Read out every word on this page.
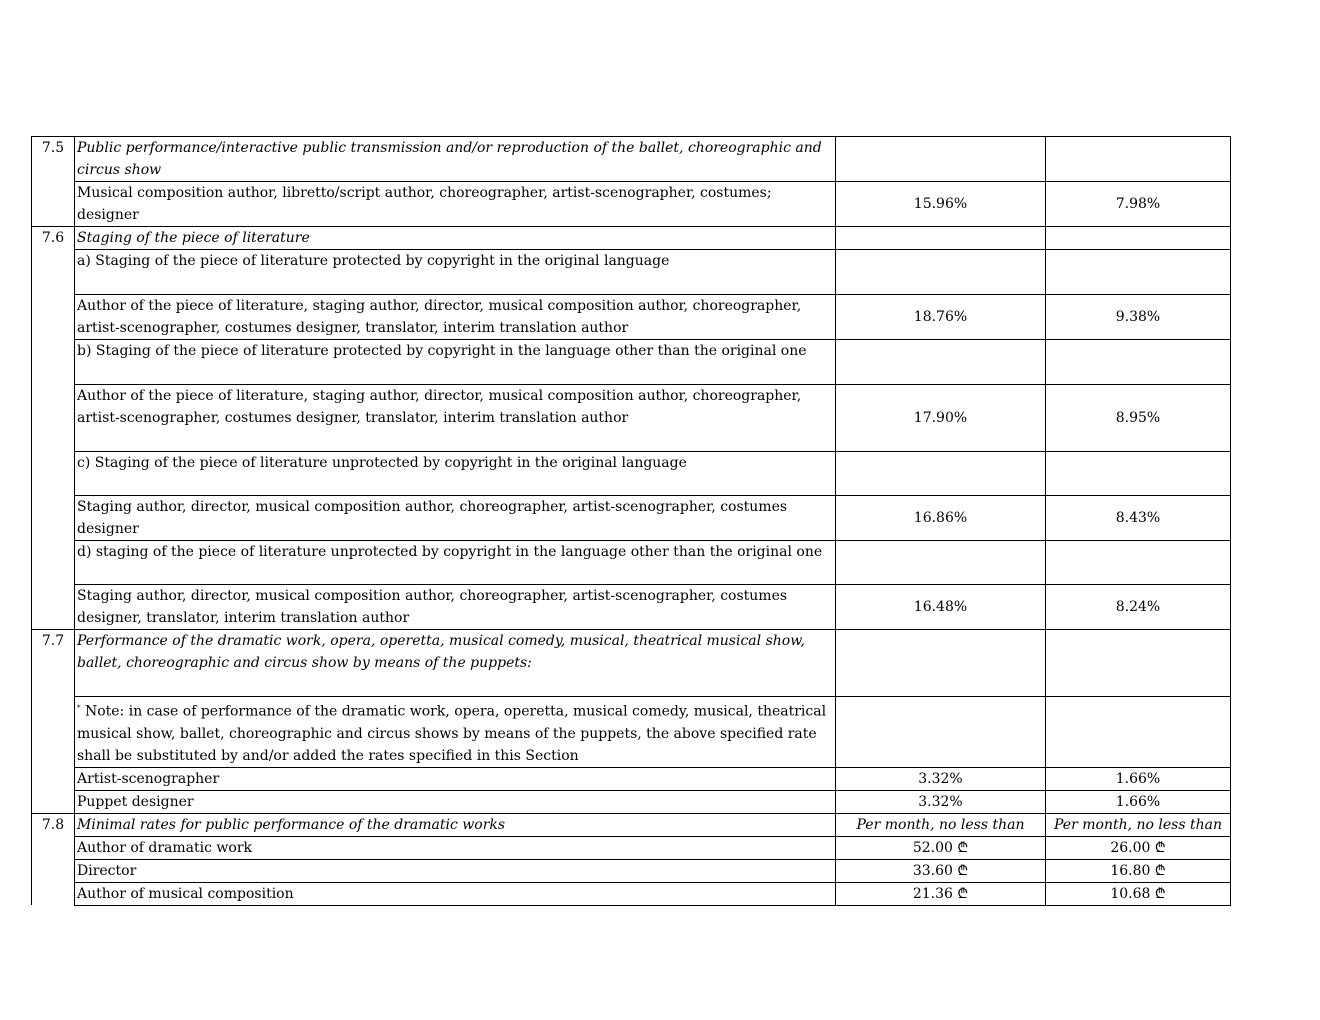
7.5	Public performance/interactive public transmission and/or reproduction of the ballet, choreographic and circus show		
	Musical composition author, libretto/script author, choreographer, artist-scenographer, costumes; designer	15.96%	7.98%
7.6	Staging of the piece of literature		
	a) Staging of the piece of literature protected by copyright in the original language		
	Author of the piece of literature, staging author, director, musical composition author, choreographer, artist-scenographer, costumes designer, translator, interim translation author	18.76%	9.38%
	b) Staging of the piece of literature protected by copyright in the language other than the original one		
	Author of the piece of literature, staging author, director, musical composition author, choreographer, artist-scenographer, costumes designer, translator, interim translation author	17.90%	8.95%
	c) Staging of the piece of literature unprotected by copyright in the original language		
	Staging author, director, musical composition author, choreographer, artist-scenographer, costumes designer	16.86%	8.43%
	d) staging of the piece of literature unprotected by copyright in the language other than the original one		
	Staging author, director, musical composition author, choreographer, artist-scenographer, costumes designer, translator, interim translation author	16.48%	8.24%
7.7	Performance of the dramatic work, opera, operetta, musical comedy, musical, theatrical musical show, ballet, choreographic and circus show by means of the puppets:		
	* Note: in case of performance of the dramatic work, opera, operetta, musical comedy, musical, theatrical musical show, ballet, choreographic and circus shows by means of the puppets, the above specified rate shall be substituted by and/or added the rates specified in this Section		
	Artist-scenographer	3.32%	1.66%
	Puppet designer	3.32%	1.66%
7.8	Minimal rates for public performance of the dramatic works	Per month, no less than	Per month, no less than
	Author of dramatic work	52.00 ₾	26.00 ₾
	Director	33.60 ₾	16.80 ₾
	Author of musical composition	21.36 ₾	10.68 ₾
